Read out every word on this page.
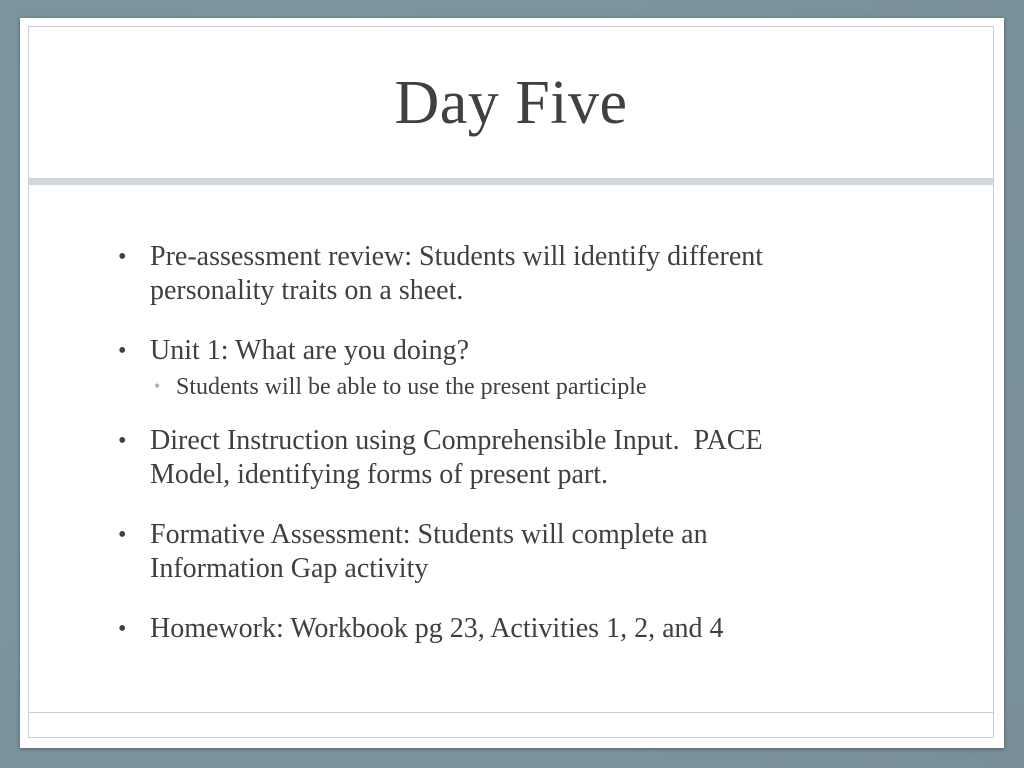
Day Five
• Pre-assessment review: Students will identify different
personality traits on a sheet.
• Unit 1: What are you doing?
• Students will be able to use the present participle
• Direct Instruction using Comprehensible Input.  PACE
Model, identifying forms of present part.
• Formative Assessment: Students will complete an
Information Gap activity
• Homework: Workbook pg 23, Activities 1, 2, and 4
